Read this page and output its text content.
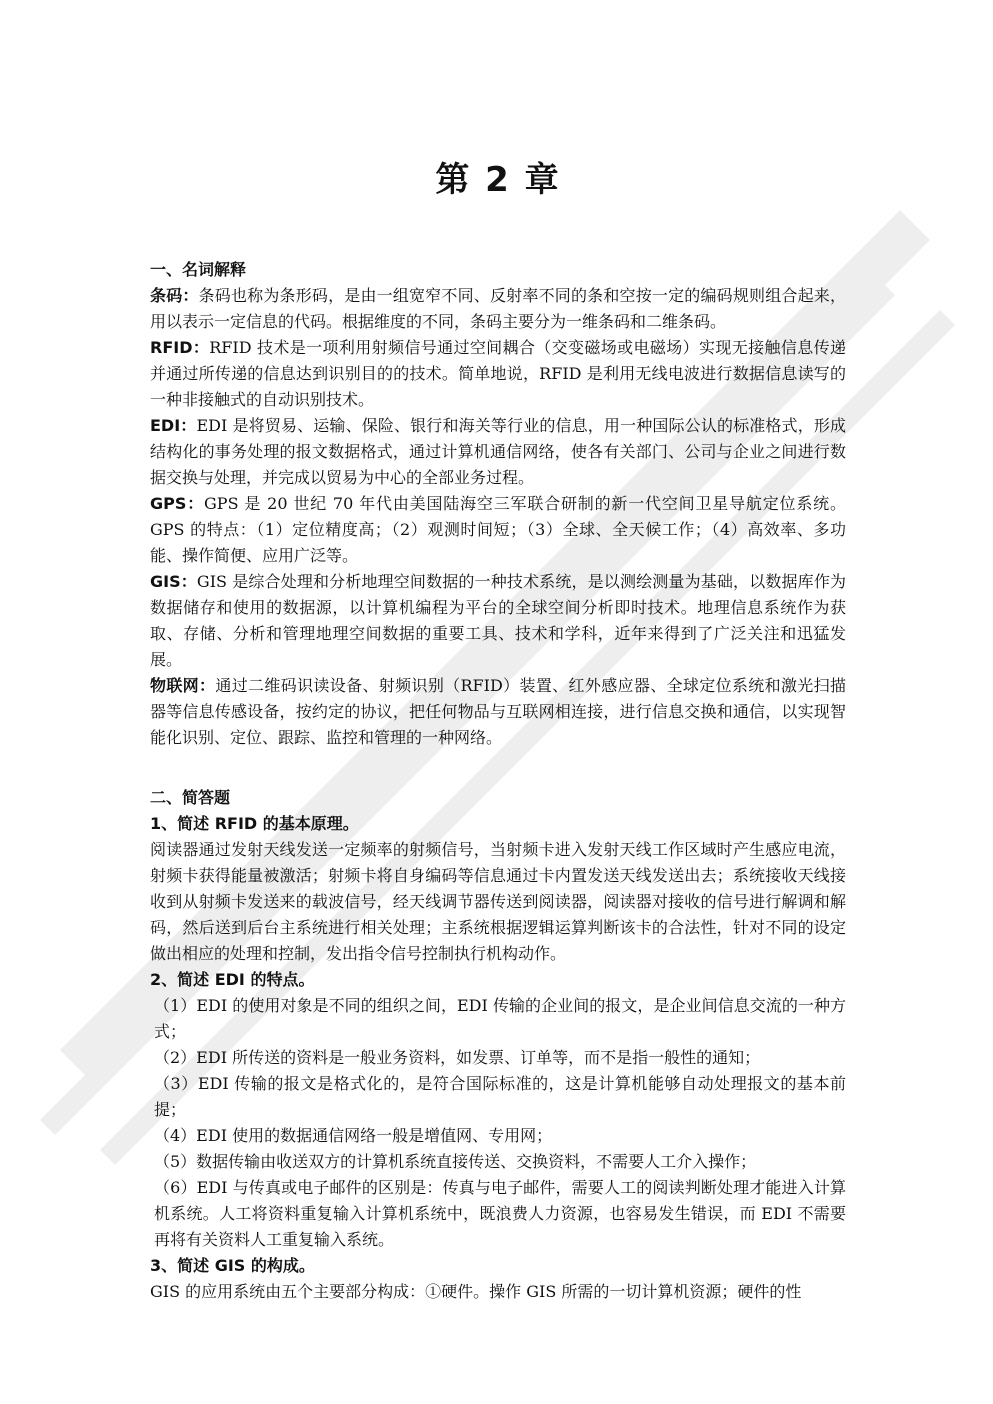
第 2 章
一、名词解释

条码：条码也称为条形码，是由一组宽窄不同、反射率不同的条和空按一定的编码规则组合起来，用以表示一定信息的代码。根据维度的不同，条码主要分为一维条码和二维条码。

RFID：RFID 技术是一项利用射频信号通过空间耦合（交变磁场或电磁场）实现无接触信息传递并通过所传递的信息达到识别目的的技术。简单地说，RFID 是利用无线电波进行数据信息读写的一种非接触式的自动识别技术。

EDI：EDI 是将贸易、运输、保险、银行和海关等行业的信息，用一种国际公认的标准格式，形成结构化的事务处理的报文数据格式，通过计算机通信网络，使各有关部门、公司与企业之间进行数据交换与处理，并完成以贸易为中心的全部业务过程。

GPS：GPS 是 20 世纪 70 年代由美国陆海空三军联合研制的新一代空间卫星导航定位系统。GPS 的特点：（1）定位精度高；（2）观测时间短；（3）全球、全天候工作；（4）高效率、多功能、操作简便、应用广泛等。

GIS：GIS 是综合处理和分析地理空间数据的一种技术系统，是以测绘测量为基础，以数据库作为数据储存和使用的数据源，以计算机编程为平台的全球空间分析即时技术。地理信息系统作为获取、存储、分析和管理地理空间数据的重要工具、技术和学科，近年来得到了广泛关注和迅猛发展。

物联网：通过二维码识读设备、射频识别（RFID）装置、红外感应器、全球定位系统和激光扫描器等信息传感设备，按约定的协议，把任何物品与互联网相连接，进行信息交换和通信，以实现智能化识别、定位、跟踪、监控和管理的一种网络。

二、简答题
1、简述 RFID 的基本原理。

阅读器通过发射天线发送一定频率的射频信号，当射频卡进入发射天线工作区域时产生感应电流，射频卡获得能量被激活；射频卡将自身编码等信息通过卡内置发送天线发送出去；系统接收天线接收到从射频卡发送来的载波信号，经天线调节器传送到阅读器，阅读器对接收的信号进行解调和解码，然后送到后台主系统进行相关处理；主系统根据逻辑运算判断该卡的合法性，针对不同的设定做出相应的处理和控制，发出指令信号控制执行机构动作。

2、简述 EDI 的特点。

（1）EDI 的使用对象是不同的组织之间，EDI 传输的企业间的报文，是企业间信息交流的一种方式；

（2）EDI 所传送的资料是一般业务资料，如发票、订单等，而不是指一般性的通知；

（3）EDI 传输的报文是格式化的，是符合国际标准的，这是计算机能够自动处理报文的基本前提；

（4）EDI 使用的数据通信网络一般是增值网、专用网；

（5）数据传输由收送双方的计算机系统直接传送、交换资料，不需要人工介入操作；

（6）EDI 与传真或电子邮件的区别是：传真与电子邮件，需要人工的阅读判断处理才能进入计算机系统。人工将资料重复输入计算机系统中，既浪费人力资源，也容易发生错误，而 EDI 不需要再将有关资料人工重复输入系统。

3、简述 GIS 的构成。

GIS 的应用系统由五个主要部分构成：①硬件。操作 GIS 所需的一切计算机资源；硬件的性
